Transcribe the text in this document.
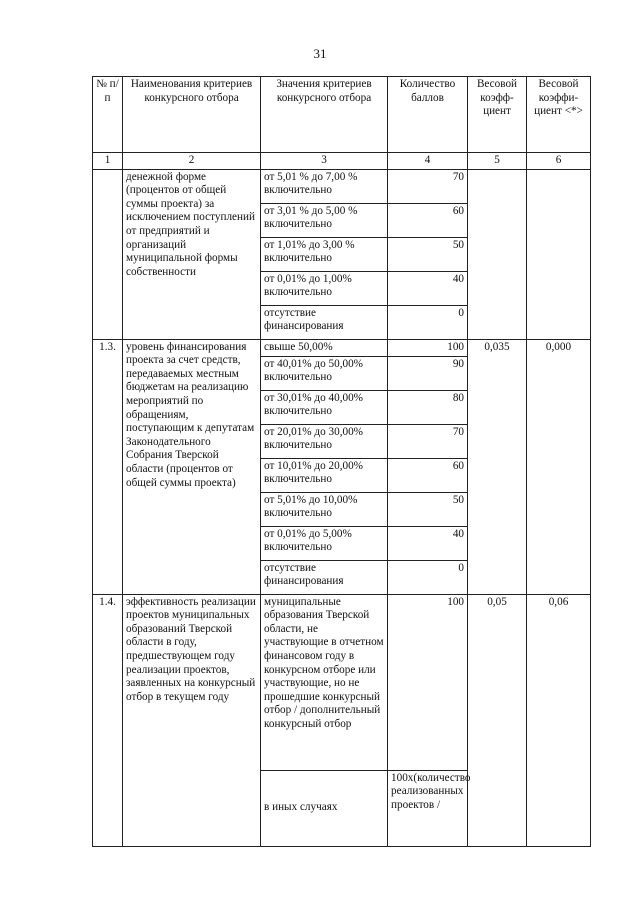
31
№ п/п	Наименования критериев конкурсного отбора	Значения критериев конкурсного отбора	Количество баллов	Весовой коэфф-циент	Весовой коэффи-циент <*>
1	2	3	4	5	6
	денежной форме (процентов от общей суммы проекта) за исключением поступлений от предприятий и организаций муниципальной формы собственности	от 5,01 % до 7,00 % включительно	70		
		от 3,01 % до 5,00 % включительно	60		
		от 1,01% до 3,00 % включительно	50		
		от 0,01% до 1,00% включительно	40		
		отсутствие финансирования	0		
1.3.	уровень финансирования проекта за счет средств, передаваемых местным бюджетам на реализацию мероприятий по обращениям, поступающим к депутатам Законодательного Собрания Тверской области (процентов от общей суммы проекта)	свыше 50,00%	100	0,035	0,000
		от 40,01% до 50,00% включительно	90		
		от 30,01% до 40,00% включительно	80		
		от 20,01% до 30,00% включительно	70		
		от 10,01% до 20,00% включительно	60		
		от 5,01% до 10,00% включительно	50		
		от 0,01% до 5,00% включительно	40		
		отсутствие финансирования	0		
1.4.	эффективность реализации проектов муниципальных образований Тверской области в году, предшествующем году реализации проектов, заявленных на конкурсный отбор в текущем году	муниципальные образования Тверской области, не участвующие в отчетном финансовом году в конкурсном отборе или участвующие, но не прошедшие конкурсный отбор / дополнительный конкурсный отбор	100	0,05	0,06
		в иных случаях	100х(количество реализованных проектов /		
